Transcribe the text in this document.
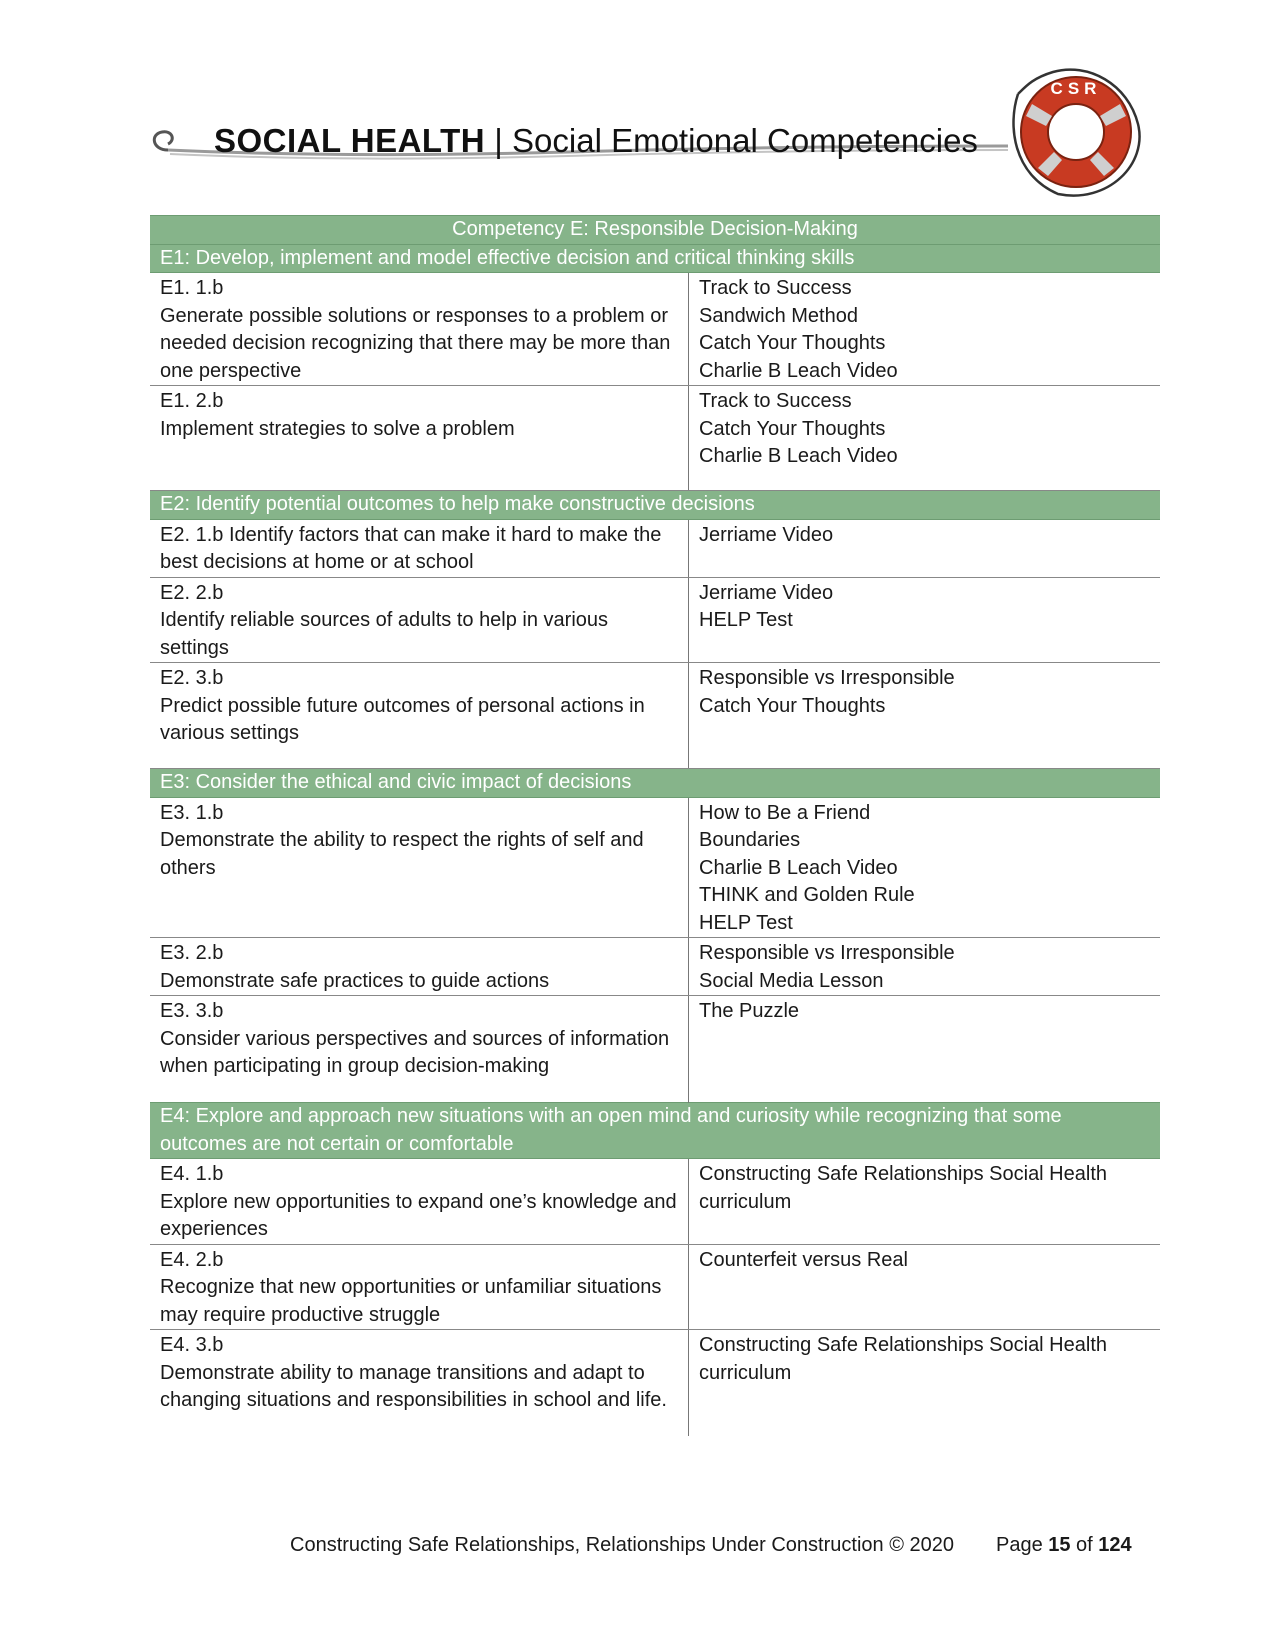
SOCIAL HEALTH | Social Emotional Competencies
CSR
Competency E: Responsible Decision-Making	
E1: Develop, implement and model effective decision and critical thinking skills	

E1. 1.b
Generate possible solutions or responses to a problem or needed decision recognizing that there may be more than one perspective	Track to Success
Sandwich Method
Catch Your Thoughts
Charlie B Leach Video

E1. 2.b
Implement strategies to solve a problem	Track to Success
Catch Your Thoughts
Charlie B Leach Video

E2: Identify potential outcomes to help make constructive decisions	
E2. 1.b Identify factors that can make it hard to make the best decisions at home or at school	Jerriame Video

E2. 2.b
Identify reliable sources of adults to help in various settings	Jerriame Video
HELP Test

E2. 3.b
Predict possible future outcomes of personal actions in various settings	Responsible vs Irresponsible
Catch Your Thoughts

E3: Consider the ethical and civic impact of decisions	

E3. 1.b
Demonstrate the ability to respect the rights of self and others	How to Be a Friend
Boundaries
Charlie B Leach Video
THINK and Golden Rule
HELP Test

E3. 2.b
Demonstrate safe practices to guide actions	Responsible vs Irresponsible
Social Media Lesson

E3. 3.b
Consider various perspectives and sources of information when participating in group decision-making	The Puzzle

E4: Explore and approach new situations with an open mind and curiosity while recognizing that some outcomes are not certain or comfortable	

E4. 1.b
Explore new opportunities to expand one’s knowledge and experiences	Constructing Safe Relationships Social Health curriculum

E4. 2.b
Recognize that new opportunities or unfamiliar situations may require productive struggle	Counterfeit versus Real

E4. 3.b
Demonstrate ability to manage transitions and adapt to changing situations and responsibilities in school and life.	Constructing Safe Relationships Social Health curriculum
Constructing Safe Relationships, Relationships Under Construction © 2020 Page 15 of 124
